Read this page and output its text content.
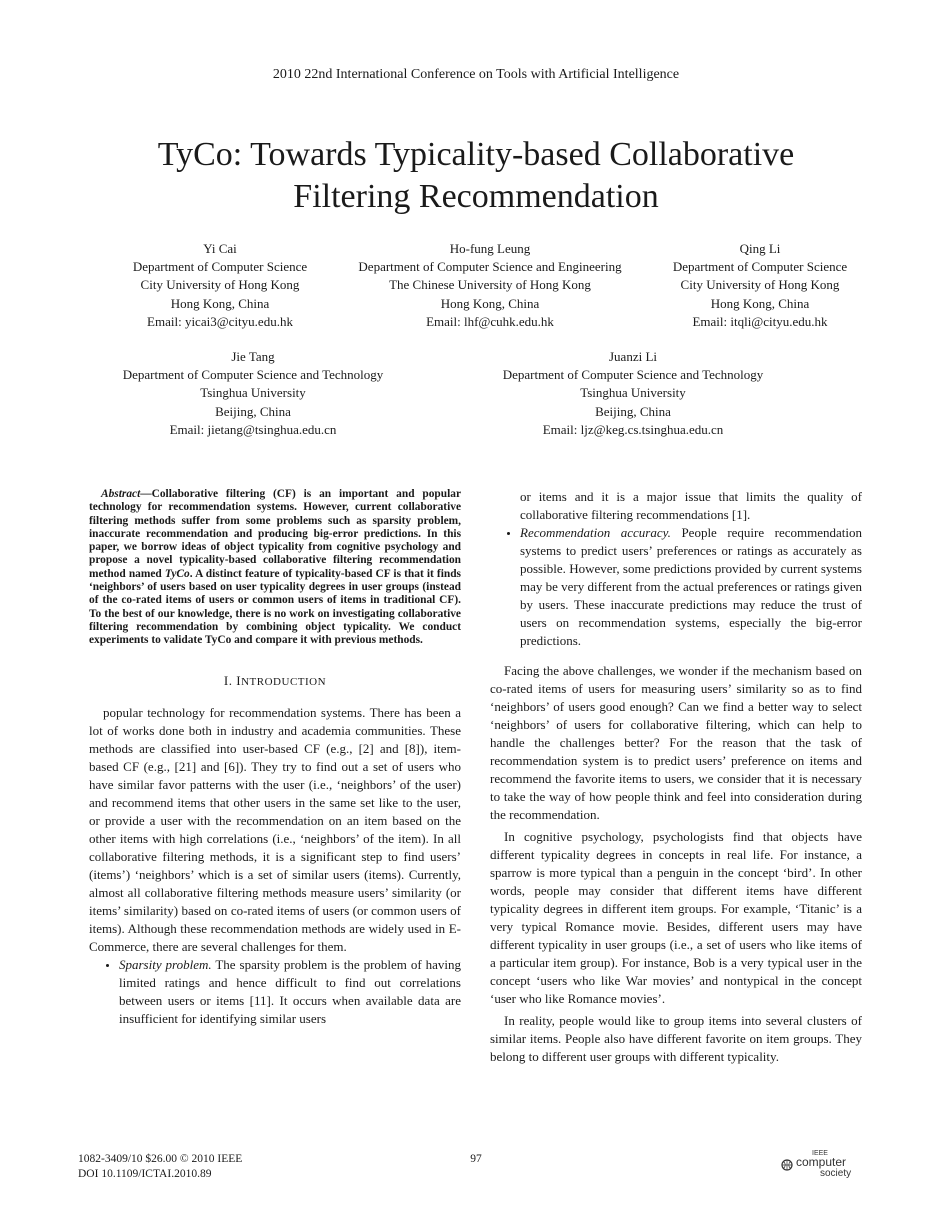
2010 22nd International Conference on Tools with Artificial Intelligence
TyCo: Towards Typicality-based Collaborative
Filtering Recommendation
Yi Cai
Department of Computer Science
City University of Hong Kong
Hong Kong, China
Email: yicai3@cityu.edu.hk
Ho-fung Leung
Department of Computer Science and Engineering
The Chinese University of Hong Kong
Hong Kong, China
Email: lhf@cuhk.edu.hk
Qing Li
Department of Computer Science
City University of Hong Kong
Hong Kong, China
Email: itqli@cityu.edu.hk
Jie Tang
Department of Computer Science and Technology
Tsinghua University
Beijing, China
Email: jietang@tsinghua.edu.cn
Juanzi Li
Department of Computer Science and Technology
Tsinghua University
Beijing, China
Email: ljz@keg.cs.tsinghua.edu.cn

Abstract—Collaborative filtering (CF) is an important and popular technology for recommendation systems. However, current collaborative filtering methods suffer from some problems such as sparsity problem, inaccurate recommendation and producing big-error predictions. In this paper, we borrow ideas of object typicality from cognitive psychology and propose a novel typicality-based collaborative filtering recommendation method named TyCo. A distinct feature of typicality-based CF is that it finds ‘neighbors’ of users based on user typicality degrees in user groups (instead of the co-rated items of users or common users of items in traditional CF). To the best of our knowledge, there is no work on investigating collaborative filtering recommendation by combining object typicality. We conduct experiments to validate TyCo and compare it with previous methods.

I. INTRODUCTION

popular technology for recommendation systems. There has been a lot of works done both in industry and academia communities. These methods are classified into user-based CF (e.g., [2] and [8]), item-based CF (e.g., [21] and [6]). They try to find out a set of users who have similar favor patterns with the user (i.e., ‘neighbors’ of the user) and recommend items that other users in the same set like to the user, or provide a user with the recommendation on an item based on the other items with high correlations (i.e., ‘neighbors’ of the item). In all collaborative filtering methods, it is a significant step to find users’ (items’) ‘neighbors’ which is a set of similar users (items). Currently, almost all collaborative filtering methods measure users’ similarity (or items’ similarity) based on co-rated items of users (or common users of items). Although these recommendation methods are widely used in E-Commerce, there are several challenges for them.

• Sparsity problem. The sparsity problem is the problem of having limited ratings and hence difficult to find out correlations between users or items [11]. It occurs when available data are insufficient for identifying similar users

or items and it is a major issue that limits the quality of collaborative filtering recommendations [1].

• Recommendation accuracy. People require recommendation systems to predict users’ preferences or ratings as accurately as possible. However, some predictions provided by current systems may be very different from the actual preferences or ratings given by users. These inaccurate predictions may reduce the trust of users on recommendation systems, especially the big-error predictions.

Facing the above challenges, we wonder if the mechanism based on co-rated items of users for measuring users’ similarity so as to find ‘neighbors’ of users good enough? Can we find a better way to select ‘neighbors’ of users for collaborative filtering, which can help to handle the challenges better? For the reason that the task of recommendation system is to predict users’ preference on items and recommend the favorite items to users, we consider that it is necessary to take the way of how people think and feel into consideration during the recommendation.

In cognitive psychology, psychologists find that objects have different typicality degrees in concepts in real life. For instance, a sparrow is more typical than a penguin in the concept ‘bird’. In other words, people may consider that different items have different typicality degrees in different item groups. For example, ‘Titanic’ is a very typical Romance movie. Besides, different users may have different typicality in user groups (i.e., a set of users who like items of a particular item group). For instance, Bob is a very typical user in the concept ‘users who like War movies’ and nontypical in the concept ‘user who like Romance movies’.

In reality, people would like to group items into several clusters of similar items. People also have different favorite on item groups. They belong to different user groups with different typicality.

1082-3409/10 $26.00 © 2010 IEEE
DOI 10.1109/ICTAI.2010.89
97	IEEE
computer
society
